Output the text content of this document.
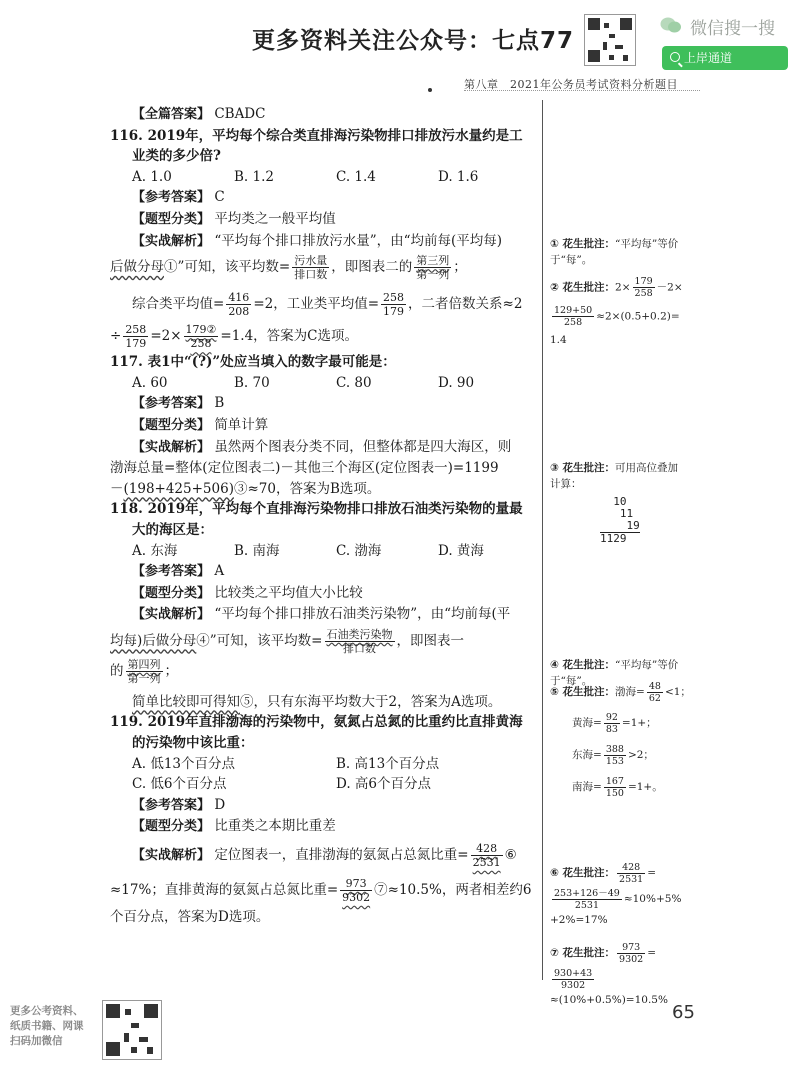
更多资料关注公众号：七点77	微信搜一搜
上岸通道
第八章　2021年公务员考试资料分析题目

【全篇答案】 CBADC

116. 2019年，平均每个综合类直排海污染物排口排放污水量约是工

业类的多少倍?

A. 1.0	B. 1.2	C. 1.4	D. 1.6

【参考答案】 C

【题型分类】 平均类之一般平均值

【实战解析】 “平均每个排口排放污水量”，由“均前每(平均每)

后做分母①”可知，该平均数= $\frac{\text{污水量}}{\text{排口数}}$ ，即图表二的 $\frac{\text{第三列}}{\text{第一列}}$ ；

综合类平均值= $\frac{416}{208} =2$，工业类平均值= $\frac{258}{179}$ ，二者倍数关系≈2

÷ $\frac{258}{179} =2\times \frac{\text{179②}}{258} =1.4$，答案为C选项。

117. 表1中“(?)”处应当填入的数字最可能是：

A. 60	B. 70	C. 80	D. 90

【参考答案】 B

【题型分类】 简单计算

【实战解析】 虽然两个图表分类不同，但整体都是四大海区，则

渤海总量=整体(定位图表二)－其他三个海区(定位图表一)=1199

－(198+425+506)③≈70，答案为B选项。

118. 2019年，平均每个直排海污染物排口排放石油类污染物的量最

大的海区是：

A. 东海	B. 南海	C. 渤海	D. 黄海

【参考答案】 A

【题型分类】 比较类之平均值大小比较

【实战解析】 “平均每个排口排放石油类污染物”，由“均前每(平

均每)后做分母④”可知，该平均数= $\frac{\text{石油类污染物}}{\text{排口数}}$ ，即图表一

的 $\frac{\text{第四列}}{\text{第一列}}$ ；

简单比较即可得知⑤，只有东海平均数大于2，答案为A选项。

119. 2019年直排渤海的污染物中，氨氮占总氮的比重约比直排黄海

的污染物中该比重：

A. 低13个百分点	B. 高13个百分点
C. 低6个百分点	D. 高6个百分点

【参考答案】 D

【题型分类】 比重类之本期比重差

【实战解析】 定位图表一，直排渤海的氨氮占总氮比重= $\frac{428}{2531}$ ⑥

≈17%；直排黄海的氨氮占总氮比重= $\frac{973}{9302}$ ⑦≈10.5%，两者相差约6

个百分点，答案为D选项。

① 花生批注：“平均每”等价
于“每”。
② 花生批注：$2\times \frac{179}{258} -2\times$
$\frac{129+50}{258} \approx 2\times(0.5+0.2)=$
1.4
③ 花生批注：可用高位叠加
计算：
10
11
19
1129
④ 花生批注：“平均每”等价
于“每”。
⑤ 花生批注：渤海= $\frac{48}{62} <1$；
黄海= $\frac{92}{83} =1+$；
东海= $\frac{388}{153} >2$；
南海= $\frac{167}{150} =1+$。
⑥ 花生批注： $\frac{428}{2531}$ =
$\frac{253+126-49}{2531} \approx 10\%+5\%$
+2%=17%
⑦ 花生批注： $\frac{973}{9302}$ =
$\frac{930+43}{9302}$
≈(10%+0.5%)=10.5%
更多公考资料、
纸质书籍、网课
扫码加微信
65
